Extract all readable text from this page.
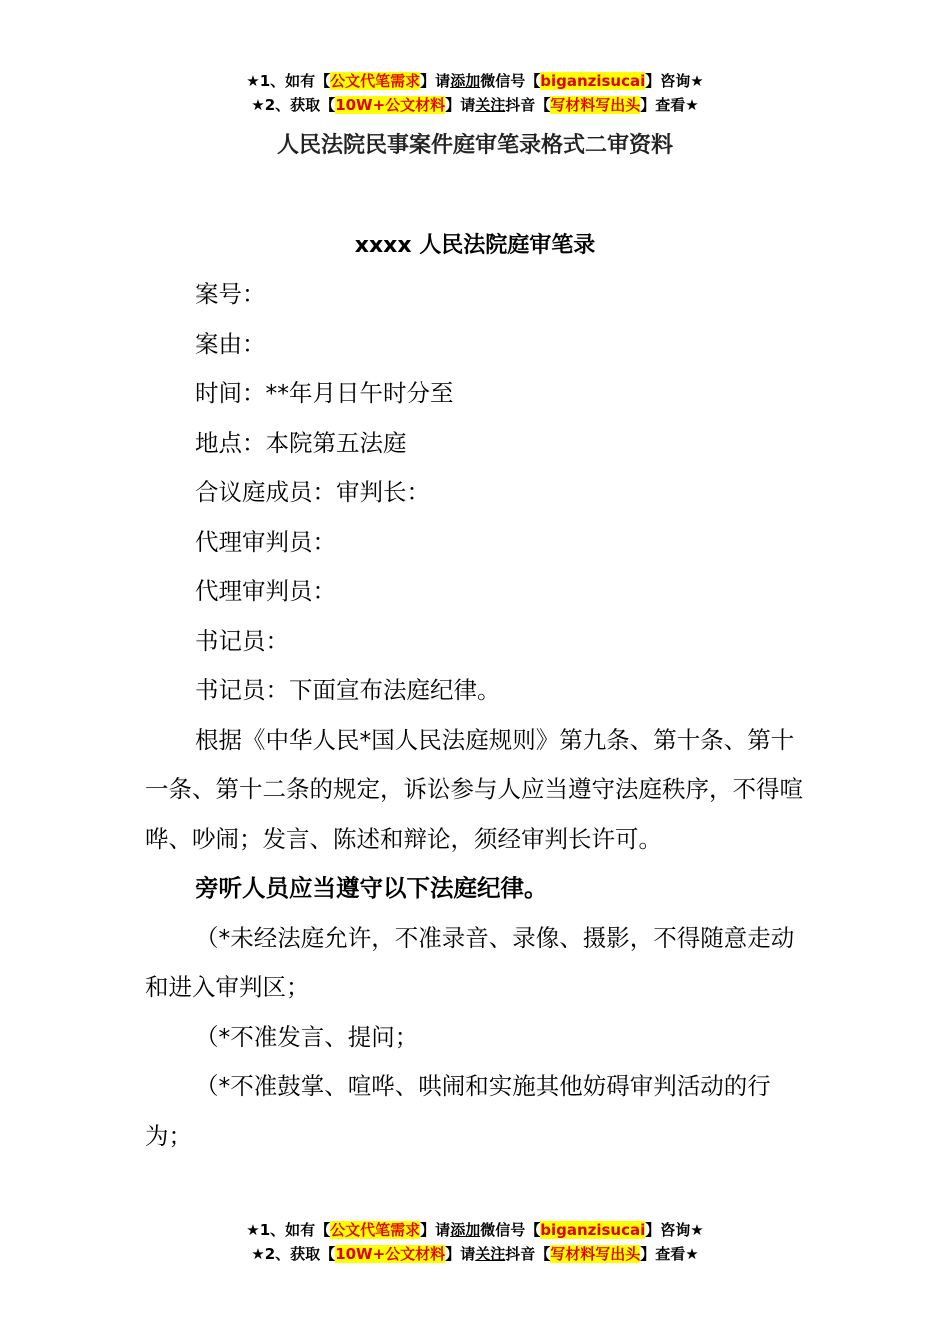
★1、如有【公文代笔需求】请添加微信号【biganzisucai】咨询★
★2、获取【10W+公文材料】请关注抖音【写材料写出头】查看★
人民法院民事案件庭审笔录格式二审资料
xxxx 人民法院庭审笔录

案号：

案由：

时间：**年月日午时分至

地点：本院第五法庭

合议庭成员：审判长：

代理审判员：

代理审判员：

书记员：

书记员：下面宣布法庭纪律。

根据《中华人民*国人民法庭规则》第九条、第十条、第十一条、第十二条的规定，诉讼参与人应当遵守法庭秩序，不得喧哗、吵闹；发言、陈述和辩论，须经审判长许可。

旁听人员应当遵守以下法庭纪律。

（*未经法庭允许，不准录音、录像、摄影，不得随意走动和进入审判区；

（*不准发言、提问；

（*不准鼓掌、喧哗、哄闹和实施其他妨碍审判活动的行为；

★1、如有【公文代笔需求】请添加微信号【biganzisucai】咨询★
★2、获取【10W+公文材料】请关注抖音【写材料写出头】查看★
